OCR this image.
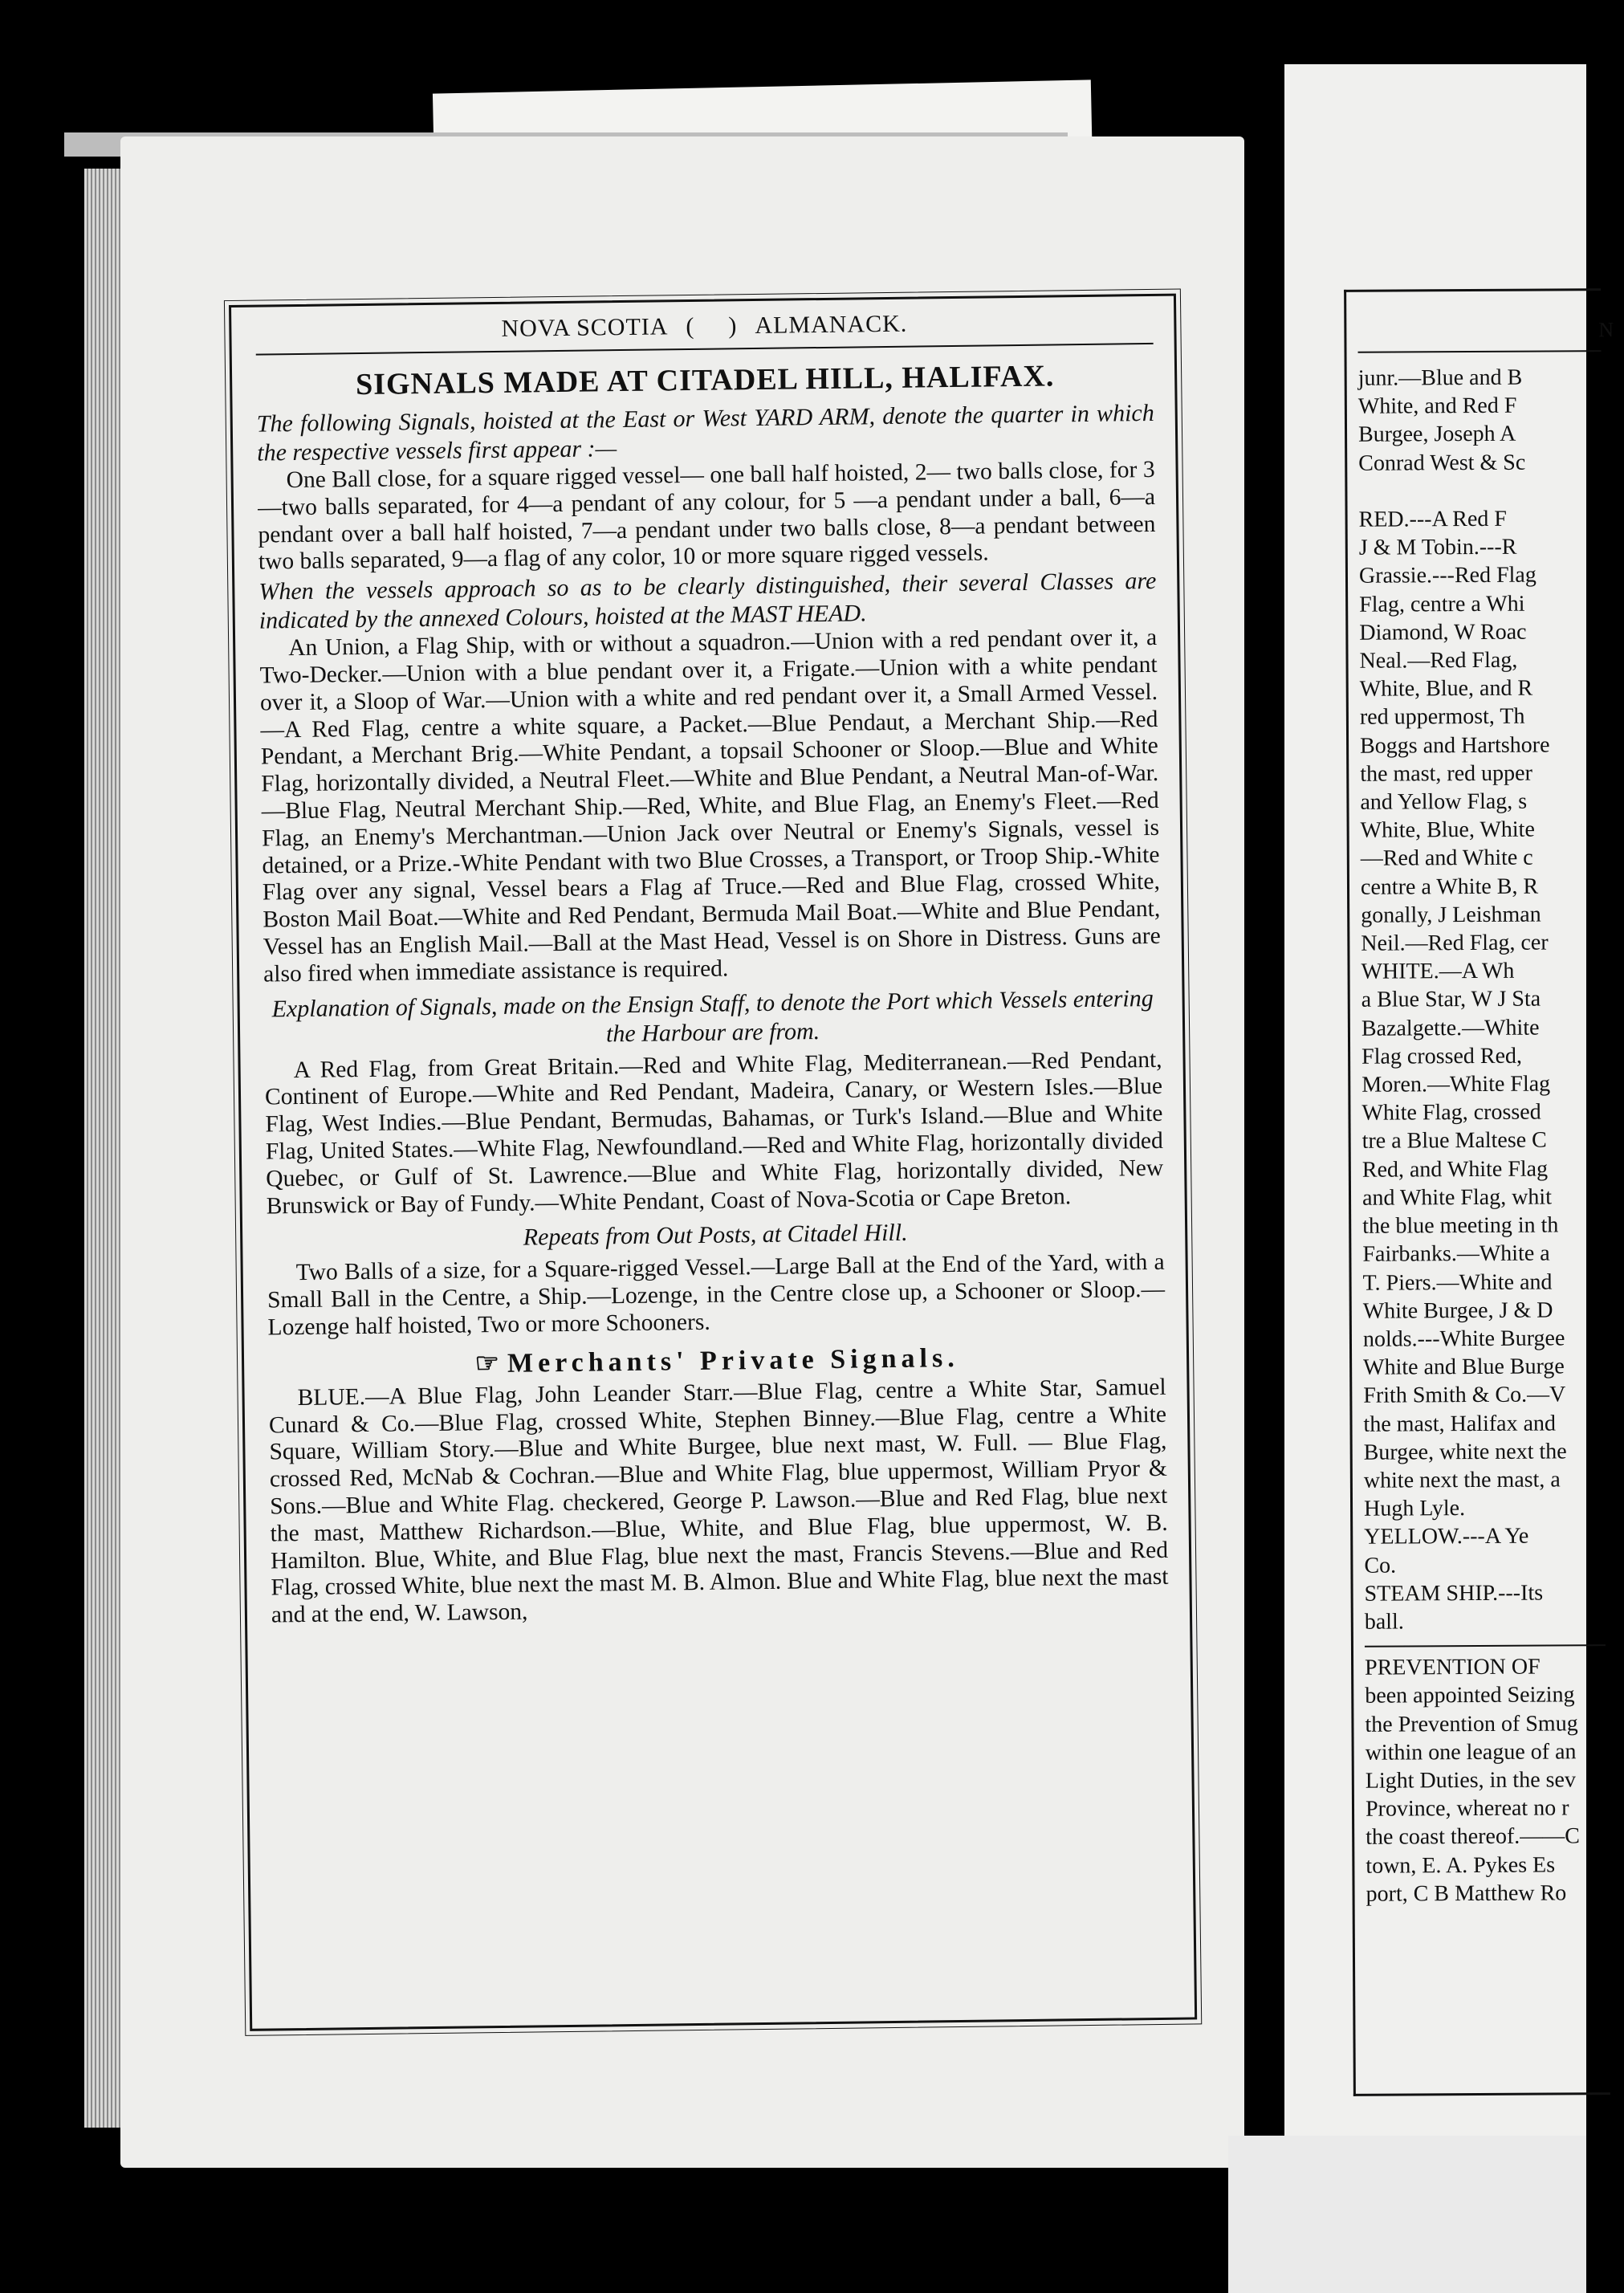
NOVA SCOTIA ( ) ALMANACK.
SIGNALS MADE AT CITADEL HILL, HALIFAX.
The following Signals, hoisted at the East or West YARD ARM, denote the quarter in which the respective vessels first appear :—

One Ball close, for a square rigged vessel— one ball half hoisted, 2— two balls close, for 3—two balls separated, for 4—a pendant of any colour, for 5 —a pendant under a ball, 6—a pendant over a ball half hoisted, 7—a pendant under two balls close, 8—a pendant between two balls separated, 9—a flag of any color, 10 or more square rigged vessels.

When the vessels approach so as to be clearly distinguished, their several Classes are indicated by the annexed Colours, hoisted at the MAST HEAD.

An Union, a Flag Ship, with or without a squadron.—Union with a red pendant over it, a Two-Decker.—Union with a blue pendant over it, a Frigate.—Union with a white pendant over it, a Sloop of War.—Union with a white and red pendant over it, a Small Armed Vessel.—A Red Flag, centre a white square, a Packet.—Blue Pendaut, a Merchant Ship.—Red Pendant, a Merchant Brig.—White Pendant, a topsail Schooner or Sloop.—Blue and White Flag, horizontally divided, a Neutral Fleet.—White and Blue Pendant, a Neutral Man-of-War.—Blue Flag, Neutral Merchant Ship.—Red, White, and Blue Flag, an Enemy's Fleet.—Red Flag, an Enemy's Merchantman.—Union Jack over Neutral or Enemy's Signals, vessel is detained, or a Prize.-White Pendant with two Blue Crosses, a Transport, or Troop Ship.-White Flag over any signal, Vessel bears a Flag af Truce.—Red and Blue Flag, crossed White, Boston Mail Boat.—White and Red Pendant, Bermuda Mail Boat.—White and Blue Pendant, Vessel has an English Mail.—Ball at the Mast Head, Vessel is on Shore in Distress. Guns are also fired when immediate assistance is required.

Explanation of Signals, made on the Ensign Staff, to denote the Port which Vessels entering the Harbour are from.

A Red Flag, from Great Britain.—Red and White Flag, Mediterranean.—Red Pendant, Continent of Europe.—White and Red Pendant, Madeira, Canary, or Western Isles.—Blue Flag, West Indies.—Blue Pendant, Bermudas, Bahamas, or Turk's Island.—Blue and White Flag, United States.—White Flag, Newfoundland.—Red and White Flag, horizontally divided Quebec, or Gulf of St. Lawrence.—Blue and White Flag, horizontally divided, New Brunswick or Bay of Fundy.—White Pendant, Coast of Nova-Scotia or Cape Breton.

Repeats from Out Posts, at Citadel Hill.

Two Balls of a size, for a Square-rigged Vessel.—Large Ball at the End of the Yard, with a Small Ball in the Centre, a Ship.—Lozenge, in the Centre close up, a Schooner or Sloop.—Lozenge half hoisted, Two or more Schooners.

☞ Merchants' Private Signals.

BLUE.—A Blue Flag, John Leander Starr.—Blue Flag, centre a White Star, Samuel Cunard & Co.—Blue Flag, crossed White, Stephen Binney.—Blue Flag, centre a White Square, William Story.—Blue and White Burgee, blue next mast, W. Full. — Blue Flag, crossed Red, McNab & Cochran.—Blue and White Flag, blue uppermost, William Pryor & Sons.—Blue and White Flag. checkered, George P. Lawson.—Blue and Red Flag, blue next the mast, Matthew Richardson.—Blue, White, and Blue Flag, blue uppermost, W. B. Hamilton. Blue, White, and Blue Flag, blue next the mast, Francis Stevens.—Blue and Red Flag, crossed White, blue next the mast M. B. Almon. Blue and White Flag, blue next the mast and at the end, W. Lawson,

N
junr.—Blue and B
White, and Red F
Burgee, Joseph A
Conrad West & Sc

RED.---A Red F
J & M Tobin.---R
Grassie.---Red Flag
Flag, centre a Whi
Diamond, W Roac
Neal.—Red Flag,
White, Blue, and R
red uppermost, Th
Boggs and Hartshore
the mast, red upper
and Yellow Flag, s
White, Blue, White
—Red and White c
centre a White B, R
gonally, J Leishman
Neil.—Red Flag, cer
WHITE.—A Wh
a Blue Star, W J Sta
Bazalgette.—White
Flag crossed Red,
Moren.—White Flag
White Flag, crossed
tre a Blue Maltese C
Red, and White Flag
and White Flag, whit
the blue meeting in th
Fairbanks.—White a
T. Piers.—White and
White Burgee, J & D
nolds.---White Burgee
White and Blue Burge
Frith Smith & Co.—V
the mast, Halifax and
Burgee, white next the
white next the mast, a
Hugh Lyle.
YELLOW.---A Ye
Co.
STEAM SHIP.---Its
ball.
PREVENTION OF
been appointed Seizing
the Prevention of Smug
within one league of an
Light Duties, in the sev
Province, whereat no r
the coast thereof.——C
town, E. A. Pykes Es
port, C B Matthew Ro
